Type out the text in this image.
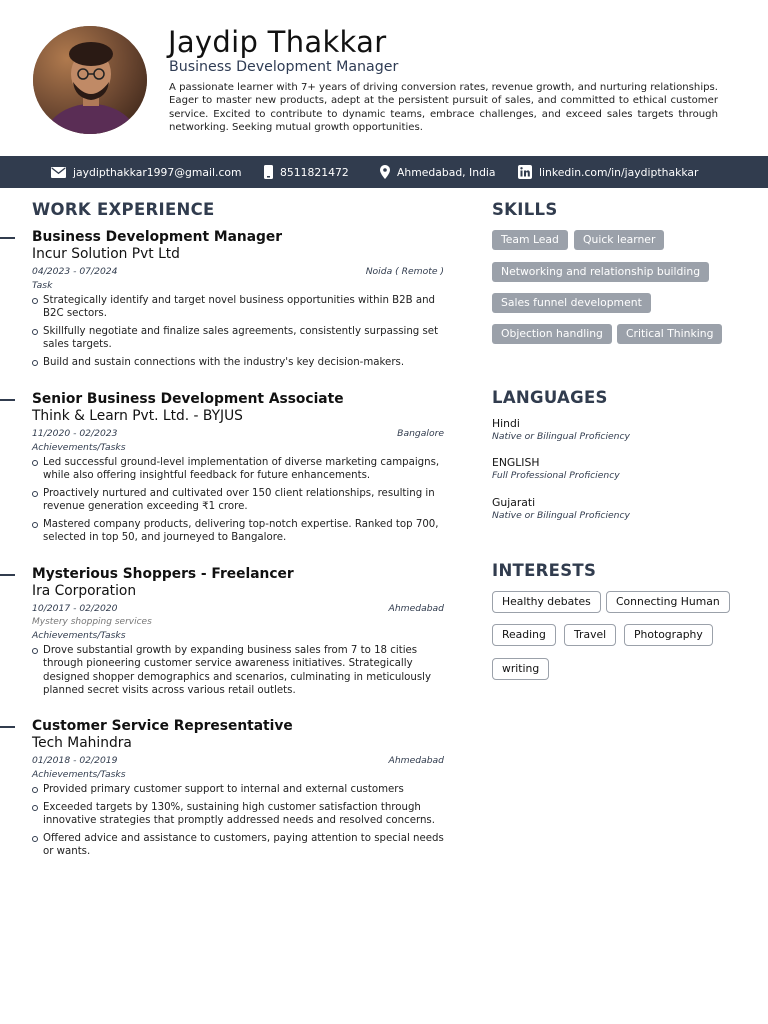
Jaydip Thakkar
Business Development Manager
A passionate learner with 7+ years of driving conversion rates, revenue growth, and nurturing relationships. Eager to master new products, adept at the persistent pursuit of sales, and committed to ethical customer service. Excited to contribute to dynamic teams, embrace challenges, and exceed sales targets through networking. Seeking mutual growth opportunities.
jaydipthakkar1997@gmail.com	8511821472	Ahmedabad, India	linkedin.com/in/jaydipthakkar
WORK EXPERIENCE	SKILLS
LANGUAGES
INTERESTS
Business Development Manager
Incur Solution Pvt Ltd
04/2023 - 07/2024	Noida ( Remote )
Task
Strategically identify and target novel business opportunities within B2B and B2C sectors.
Skillfully negotiate and finalize sales agreements, consistently surpassing set sales targets.
Build and sustain connections with the industry's key decision-makers.
Senior Business Development Associate
Think & Learn Pvt. Ltd. - BYJUS
11/2020 - 02/2023	Bangalore
Achievements/Tasks
Led successful ground-level implementation of diverse marketing campaigns, while also offering insightful feedback for future enhancements.
Proactively nurtured and cultivated over 150 client relationships, resulting in revenue generation exceeding ₹1 crore.
Mastered company products, delivering top-notch expertise. Ranked top 700, selected in top 50, and journeyed to Bangalore.
Mysterious Shoppers - Freelancer
Ira Corporation
10/2017 - 02/2020	Ahmedabad
Mystery shopping services
Achievements/Tasks
Drove substantial growth by expanding business sales from 7 to 18 cities through pioneering customer service awareness initiatives. Strategically designed shopper demographics and scenarios, culminating in meticulously planned secret visits across various retail outlets.
Customer Service Representative
Tech Mahindra
01/2018 - 02/2019	Ahmedabad
Achievements/Tasks
Provided primary customer support to internal and external customers
Exceeded targets by 130%, sustaining high customer satisfaction through innovative strategies that promptly addressed needs and resolved concerns.
Offered advice and assistance to customers, paying attention to special needs or wants.
Team Lead	Quick learner
Networking and relationship building
Sales funnel development
Objection handling	Critical Thinking
Hindi
Native or Bilingual Proficiency
ENGLISH
Full Professional Proficiency
Gujarati
Native or Bilingual Proficiency
Healthy debates	Connecting Human
Reading	Travel	Photography
writing
